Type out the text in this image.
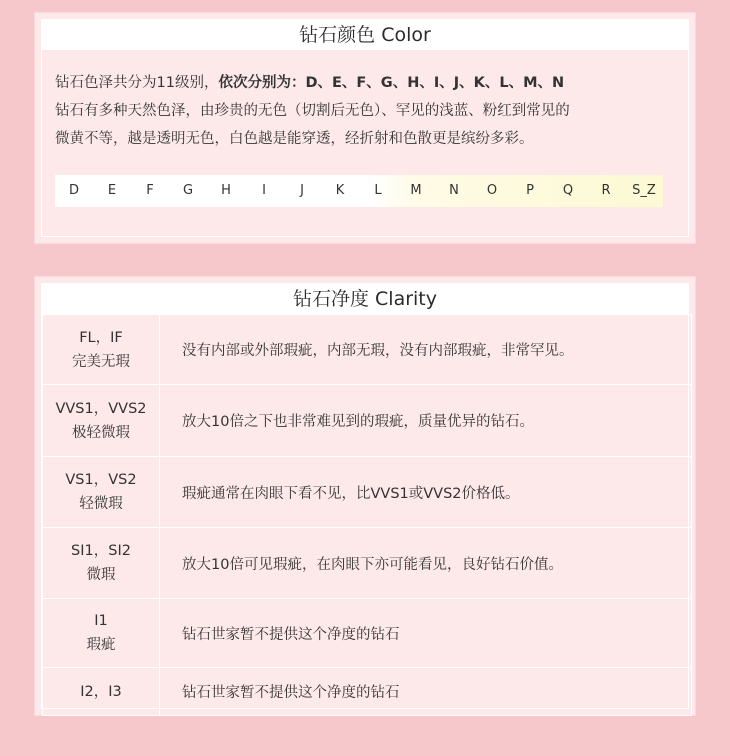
钻石颜色 Color
钻石色泽共分为11级别，依次分别为：D、E、F、G、H、I、J、K、L、M、N
钻石有多种天然色泽，由珍贵的无色（切割后无色）、罕见的浅蓝、粉红到常见的
微黄不等，越是透明无色，白色越是能穿透，经折射和色散更是缤纷多彩。
D	E	F	G	H	I	J	K	L	M	N	O	P	Q	R	S_Z
钻石净度 Clarity
FL，IF
完美无瑕	没有内部或外部瑕疵，内部无瑕，没有内部瑕疵，非常罕见。

VVS1，VVS2
极轻微瑕	放大10倍之下也非常难见到的瑕疵，质量优异的钻石。

VS1，VS2
轻微瑕	瑕疵通常在肉眼下看不见，比VVS1或VVS2价格低。

SI1，SI2
微瑕	放大10倍可见瑕疵，在肉眼下亦可能看见，良好钻石价值。

I1
瑕疵	钻石世家暂不提供这个净度的钻石

I2，I3	钻石世家暂不提供这个净度的钻石
